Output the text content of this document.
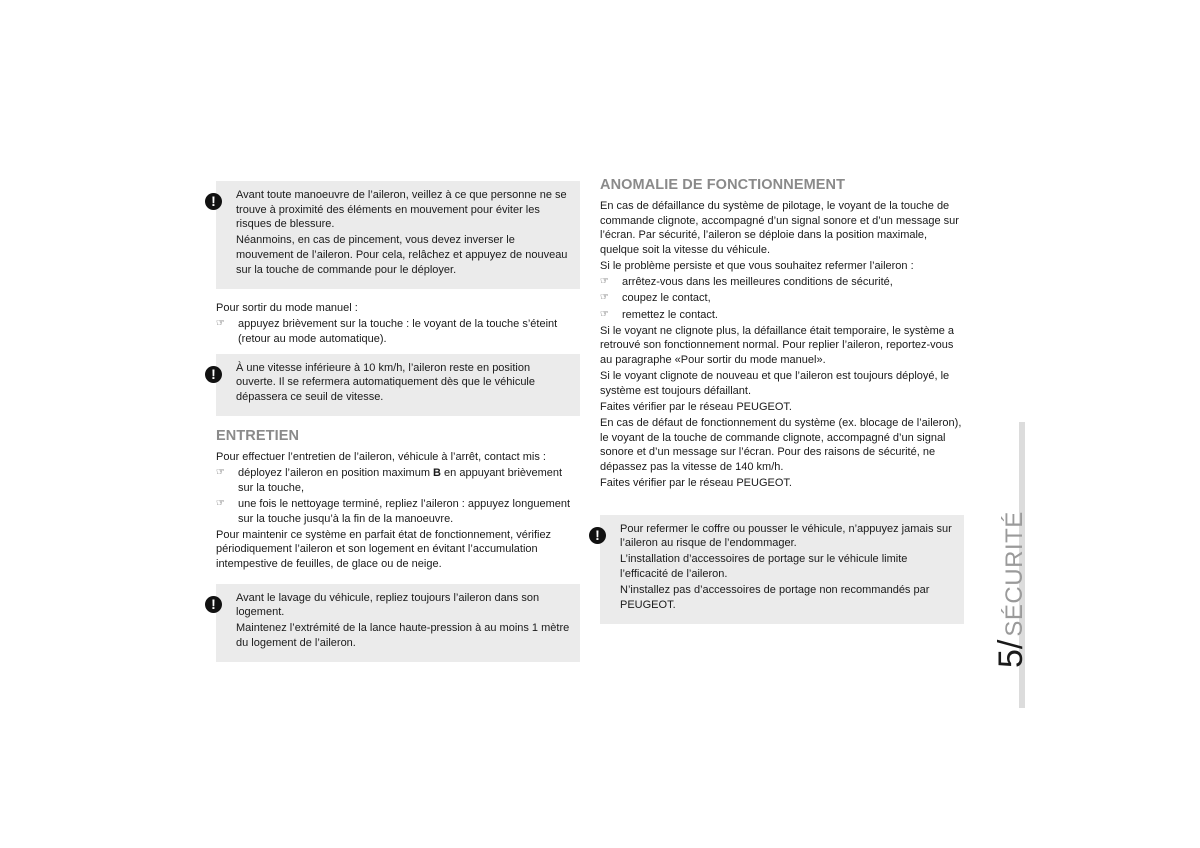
!	Avant toute manoeuvre de l’aileron, veillez à ce que personne ne se trouve à proximité des éléments en mouvement pour éviter les risques de blessure.

Néanmoins, en cas de pincement, vous devez inverser le mouvement de l’aileron. Pour cela, relâchez et appuyez de nouveau sur la touche de commande pour le déployer.

Pour sortir du mode manuel :

☞ appuyez brièvement sur la touche : le voyant de la touche s’éteint (retour au mode automatique).
!	À une vitesse inférieure à 10 km/h, l’aileron reste en position ouverte. Il se refermera automatiquement dès que le véhicule dépassera ce seuil de vitesse.

ENTRETIEN

Pour effectuer l’entretien de l’aileron, véhicule à l’arrêt, contact mis :

☞ déployez l’aileron en position maximum B en appuyant brièvement sur la touche,
☞ une fois le nettoyage terminé, repliez l’aileron : appuyez longuement sur la touche jusqu’à la fin de la manoeuvre.

Pour maintenir ce système en parfait état de fonctionnement, vérifiez périodiquement l’aileron et son logement en évitant l’accumulation intempestive de feuilles, de glace ou de neige.

!	Avant le lavage du véhicule, repliez toujours l’aileron dans son logement.

Maintenez l’extrémité de la lance haute-pression à au moins 1 mètre du logement de l’aileron.

ANOMALIE DE FONCTIONNEMENT

En cas de défaillance du système de pilotage, le voyant de la touche de commande clignote, accompagné d’un signal sonore et d’un message sur l’écran. Par sécurité, l’aileron se déploie dans la position maximale, quelque soit la vitesse du véhicule.

Si le problème persiste et que vous souhaitez refermer l’aileron :

☞ arrêtez-vous dans les meilleures conditions de sécurité,
☞ coupez le contact,
☞ remettez le contact.

Si le voyant ne clignote plus, la défaillance était temporaire, le système a retrouvé son fonctionnement normal. Pour replier l’aileron, reportez-vous au paragraphe «Pour sortir du mode manuel».

Si le voyant clignote de nouveau et que l’aileron est toujours déployé, le système est toujours défaillant.

Faites vérifier par le réseau PEUGEOT.

En cas de défaut de fonctionnement du système (ex. blocage de l’aileron), le voyant de la touche de commande clignote, accompagné d’un signal sonore et d’un message sur l’écran. Pour des raisons de sécurité, ne dépassez pas la vitesse de 140 km/h.

Faites vérifier par le réseau PEUGEOT.

!	Pour refermer le coffre ou pousser le véhicule, n’appuyez jamais sur l’aileron au risque de l’endommager.

L’installation d’accessoires de portage sur le véhicule limite l’efficacité de l’aileron.

N’installez pas d’accessoires de portage non recommandés par PEUGEOT.

5/ SÉCURITÉ
